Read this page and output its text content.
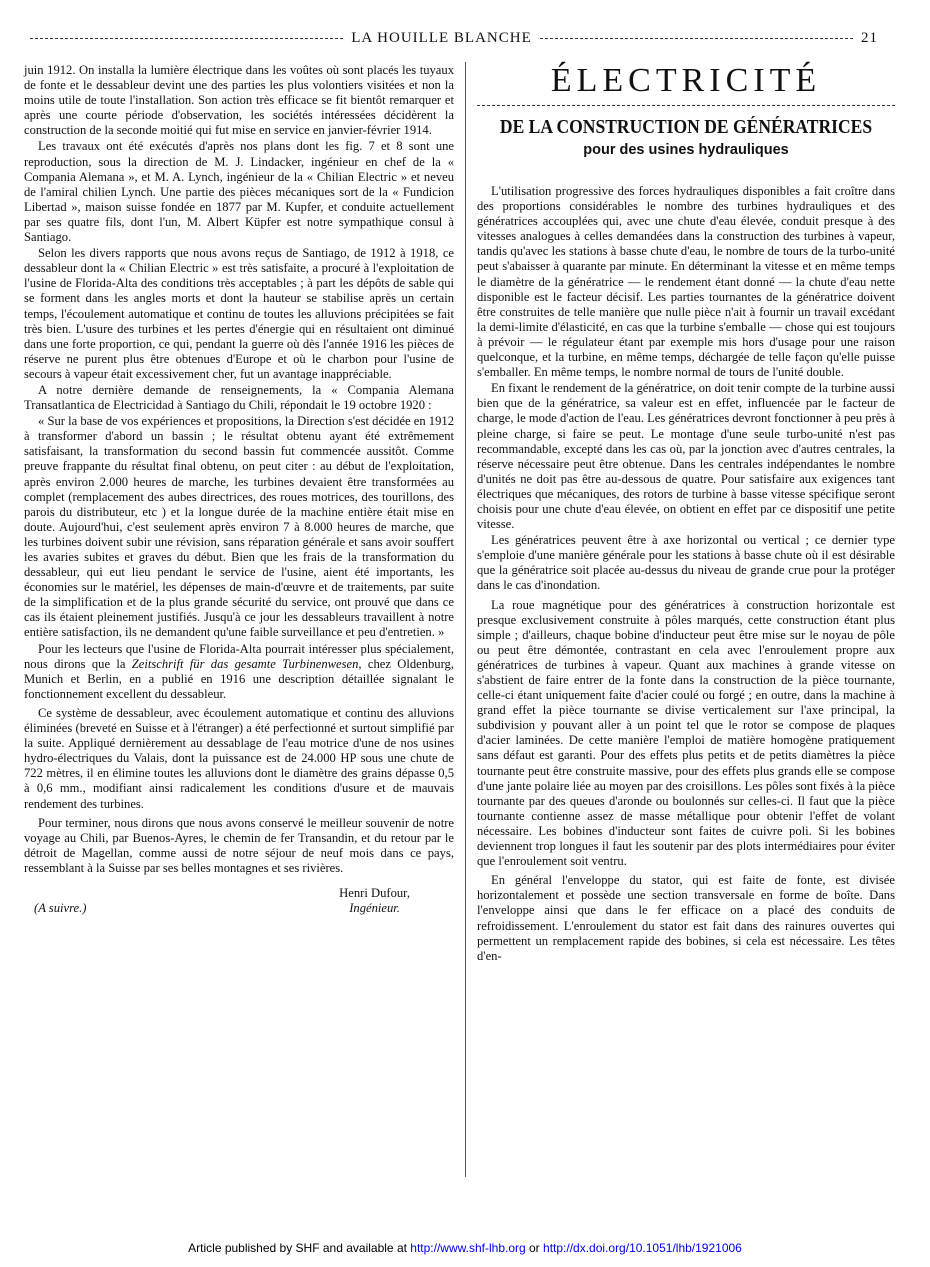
LA HOUILLE BLANCHE	21

juin 1912. On installa la lumière électrique dans les voûtes où sont placés les tuyaux de fonte et le dessableur devint une des parties les plus volontiers visitées et non la moins utile de toute l'installation. Son action très efficace se fit bientôt remarquer et après une courte période d'observation, les sociétés intéressées décidèrent la construction de la seconde moitié qui fut mise en service en janvier-février 1914.

Les travaux ont été exécutés d'après nos plans dont les fig. 7 et 8 sont une reproduction, sous la direction de M. J. Lindacker, ingénieur en chef de la « Compania Alemana », et M. A. Lynch, ingénieur de la « Chilian Electric » et neveu de l'amiral chilien Lynch. Une partie des pièces mécaniques sort de la « Fundicion Libertad », maison suisse fondée en 1877 par M. Kupfer, et conduite actuellement par ses quatre fils, dont l'un, M. Albert Küpfer est notre sympathique consul à Santiago.

Selon les divers rapports que nous avons reçus de Santiago, de 1912 à 1918, ce dessableur dont la « Chilian Electric » est très satisfaite, a procuré à l'exploitation de l'usine de Florida-Alta des conditions très acceptables ; à part les dépôts de sable qui se forment dans les angles morts et dont la hauteur se stabilise après un certain temps, l'écoulement automatique et continu de toutes les alluvions précipitées se fait très bien. L'usure des turbines et les pertes d'énergie qui en résultaient ont diminué dans une forte proportion, ce qui, pendant la guerre où dès l'année 1916 les pièces de réserve ne purent plus être obtenues d'Europe et où le charbon pour l'usine de secours à vapeur était excessivement cher, fut un avantage inappréciable.

A notre dernière demande de renseignements, la « Compania Alemana Transatlantica de Electricidad à Santiago du Chili, répondait le 19 octobre 1920 :

« Sur la base de vos expériences et propositions, la Direction s'est décidée en 1912 à transformer d'abord un bassin ; le résultat obtenu ayant été extrêmement satisfaisant, la transformation du second bassin fut commencée aussitôt. Comme preuve frappante du résultat final obtenu, on peut citer : au début de l'exploitation, après environ 2.000 heures de marche, les turbines devaient être transformées au complet (remplacement des aubes directrices, des roues motrices, des tourillons, des parois du distributeur, etc ) et la longue durée de la machine entière était mise en doute. Aujourd'hui, c'est seulement après environ 7 à 8.000 heures de marche, que les turbines doivent subir une révision, sans réparation générale et sans avoir souffert les avaries subites et graves du début. Bien que les frais de la transformation du dessableur, qui eut lieu pendant le service de l'usine, aient été importants, les économies sur le matériel, les dépenses de main-d'œuvre et de traitements, par suite de la simplification et de la plus grande sécurité du service, ont prouvé que dans ce cas ils étaient pleinement justifiés. Jusqu'à ce jour les dessableurs travaillent à notre entière satisfaction, ils ne demandent qu'une faible surveillance et peu d'entretien. »

Pour les lecteurs que l'usine de Florida-Alta pourrait intéresser plus spécialement, nous dirons que la Zeitschrift für das gesamte Turbinenwesen, chez Oldenburg, Munich et Berlin, en a publié en 1916 une description détaillée signalant le fonctionnement excellent du dessableur.

Ce système de dessableur, avec écoulement automatique et continu des alluvions éliminées (breveté en Suisse et à l'étranger) a été perfectionné et surtout simplifié par la suite. Appliqué dernièrement au dessablage de l'eau motrice d'une de nos usines hydro-électriques du Valais, dont la puissance est de 24.000 HP sous une chute de 722 mètres, il en élimine toutes les alluvions dont le diamètre des grains dépasse 0,5 à 0,6 mm., modifiant ainsi radicalement les conditions d'usure et de mauvais rendement des turbines.

Pour terminer, nous dirons que nous avons conservé le meilleur souvenir de notre voyage au Chili, par Buenos-Ayres, le chemin de fer Transandin, et du retour par le détroit de Magellan, comme aussi de notre séjour de neuf mois dans ce pays, ressemblant à la Suisse par ses belles montagnes et ses rivières.

(A suivre.)
Henri Dufour,
Ingénieur.
ÉLECTRICITÉ
DE LA CONSTRUCTION DE GÉNÉRATRICES
pour des usines hydrauliques

L'utilisation progressive des forces hydrauliques disponibles a fait croître dans des proportions considérables le nombre des turbines hydrauliques et des génératrices accouplées qui, avec une chute d'eau élevée, conduit presque à des vitesses analogues à celles demandées dans la construction des turbines à vapeur, tandis qu'avec les stations à basse chute d'eau, le nombre de tours de la turbo-unité peut s'abaisser à quarante par minute. En déterminant la vitesse et en même temps le diamètre de la génératrice — le rendement étant donné — la chute d'eau nette disponible est le facteur décisif. Les parties tournantes de la génératrice doivent être construites de telle manière que nulle pièce n'ait à fournir un travail excédant la demi-limite d'élasticité, en cas que la turbine s'emballe — chose qui est toujours à prévoir — le régulateur étant par exemple mis hors d'usage pour une raison quelconque, et la turbine, en même temps, déchargée de telle façon qu'elle puisse s'emballer. En même temps, le nombre normal de tours de l'unité double.

En fixant le rendement de la génératrice, on doit tenir compte de la turbine aussi bien que de la génératrice, sa valeur est en effet, influencée par le facteur de charge, le mode d'action de l'eau. Les génératrices devront fonctionner à peu près à pleine charge, si faire se peut. Le montage d'une seule turbo-unité n'est pas recommandable, excepté dans les cas où, par la jonction avec d'autres centrales, la réserve nécessaire peut être obtenue. Dans les centrales indépendantes le nombre d'unités ne doit pas être au-dessous de quatre. Pour satisfaire aux exigences tant électriques que mécaniques, des rotors de turbine à basse vitesse spécifique seront choisis pour une chute d'eau élevée, on obtient en effet par ce dispositif une petite vitesse.

Les génératrices peuvent être à axe horizontal ou vertical ; ce dernier type s'emploie d'une manière générale pour les stations à basse chute où il est désirable que la génératrice soit placée au-dessus du niveau de grande crue pour la protéger dans le cas d'inondation.

La roue magnétique pour des génératrices à construction horizontale est presque exclusivement construite à pôles marqués, cette construction étant plus simple ; d'ailleurs, chaque bobine d'inducteur peut être mise sur le noyau de pôle ou peut être démontée, contrastant en cela avec l'enroulement propre aux génératrices de turbines à vapeur. Quant aux machines à grande vitesse on s'abstient de faire entrer de la fonte dans la construction de la pièce tournante, celle-ci étant uniquement faite d'acier coulé ou forgé ; en outre, dans la machine à grand effet la pièce tournante se divise verticalement sur l'axe principal, la subdivision y pouvant aller à un point tel que le rotor se compose de plaques d'acier laminées. De cette manière l'emploi de matière homogène pratiquement sans défaut est garanti. Pour des effets plus petits et de petits diamètres la pièce tournante peut être construite massive, pour des effets plus grands elle se compose d'une jante polaire liée au moyen par des croisillons. Les pôles sont fixés à la pièce tournante par des queues d'aronde ou boulonnés sur celles-ci. Il faut que la pièce tournante contienne assez de masse métallique pour obtenir l'effet de volant nécessaire. Les bobines d'inducteur sont faites de cuivre poli. Si les bobines deviennent trop longues il faut les soutenir par des plots intermédiaires pour éviter que l'enroulement soit ventru.

En général l'enveloppe du stator, qui est faite de fonte, est divisée horizontalement et possède une section transversale en forme de boîte. Dans l'enveloppe ainsi que dans le fer efficace on a placé des conduits de refroidissement. L'enroulement du stator est fait dans des rainures ouvertes qui permettent un remplacement rapide des bobines, si cela est nécessaire. Les têtes d'en-

Article published by SHF and available at http://www.shf-lhb.org or http://dx.doi.org/10.1051/lhb/1921006
